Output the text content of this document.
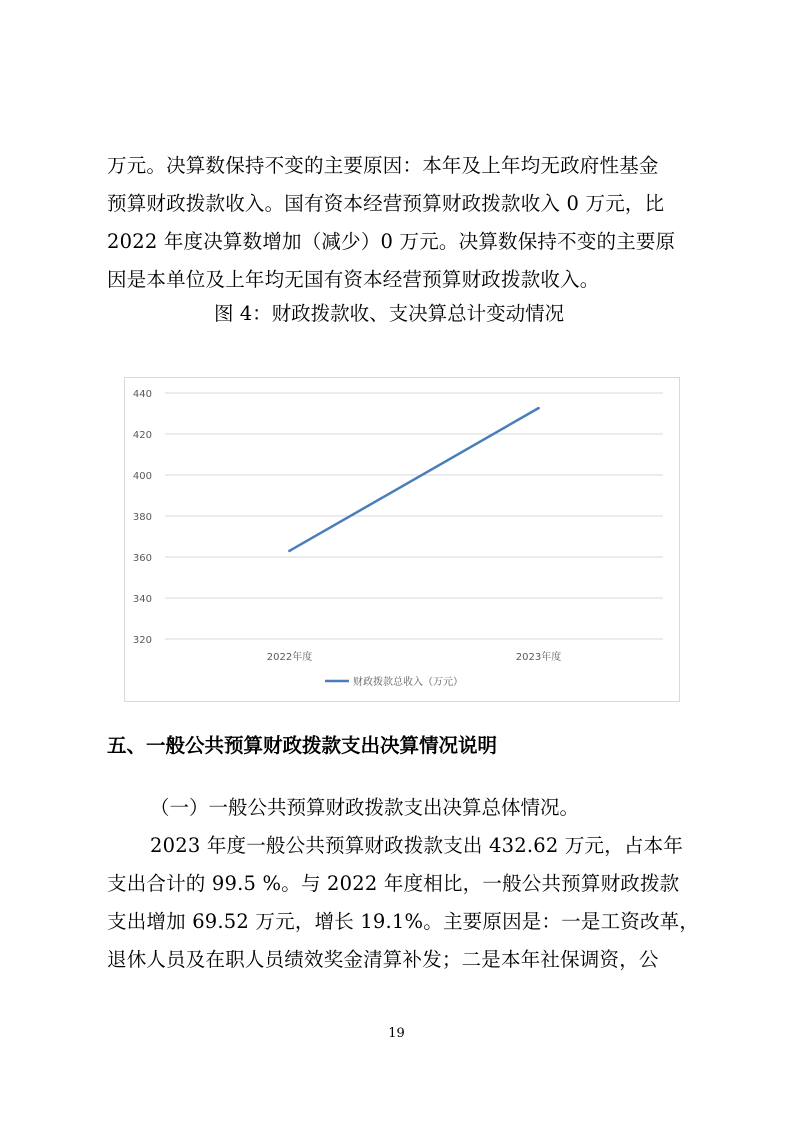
万元。决算数保持不变的主要原因：本年及上年均无政府性基金
预算财政拨款收入。国有资本经营预算财政拨款收入 0 万元，比
2022 年度决算数增加（减少）0 万元。决算数保持不变的主要原
因是本单位及上年均无国有资本经营预算财政拨款收入。
图 4：财政拨款收、支决算总计变动情况
440
420
400
380
360
340
320
2022年度	2023年度
财政拨款总收入（万元）
五、一般公共预算财政拨款支出决算情况说明
（一）一般公共预算财政拨款支出决算总体情况。
2023 年度一般公共预算财政拨款支出 432.62 万元，占本年
支出合计的 99.5 %。与 2022 年度相比，一般公共预算财政拨款
支出增加 69.52 万元，增长 19.1%。主要原因是：一是工资改革，
退休人员及在职人员绩效奖金清算补发；二是本年社保调资，公
19
